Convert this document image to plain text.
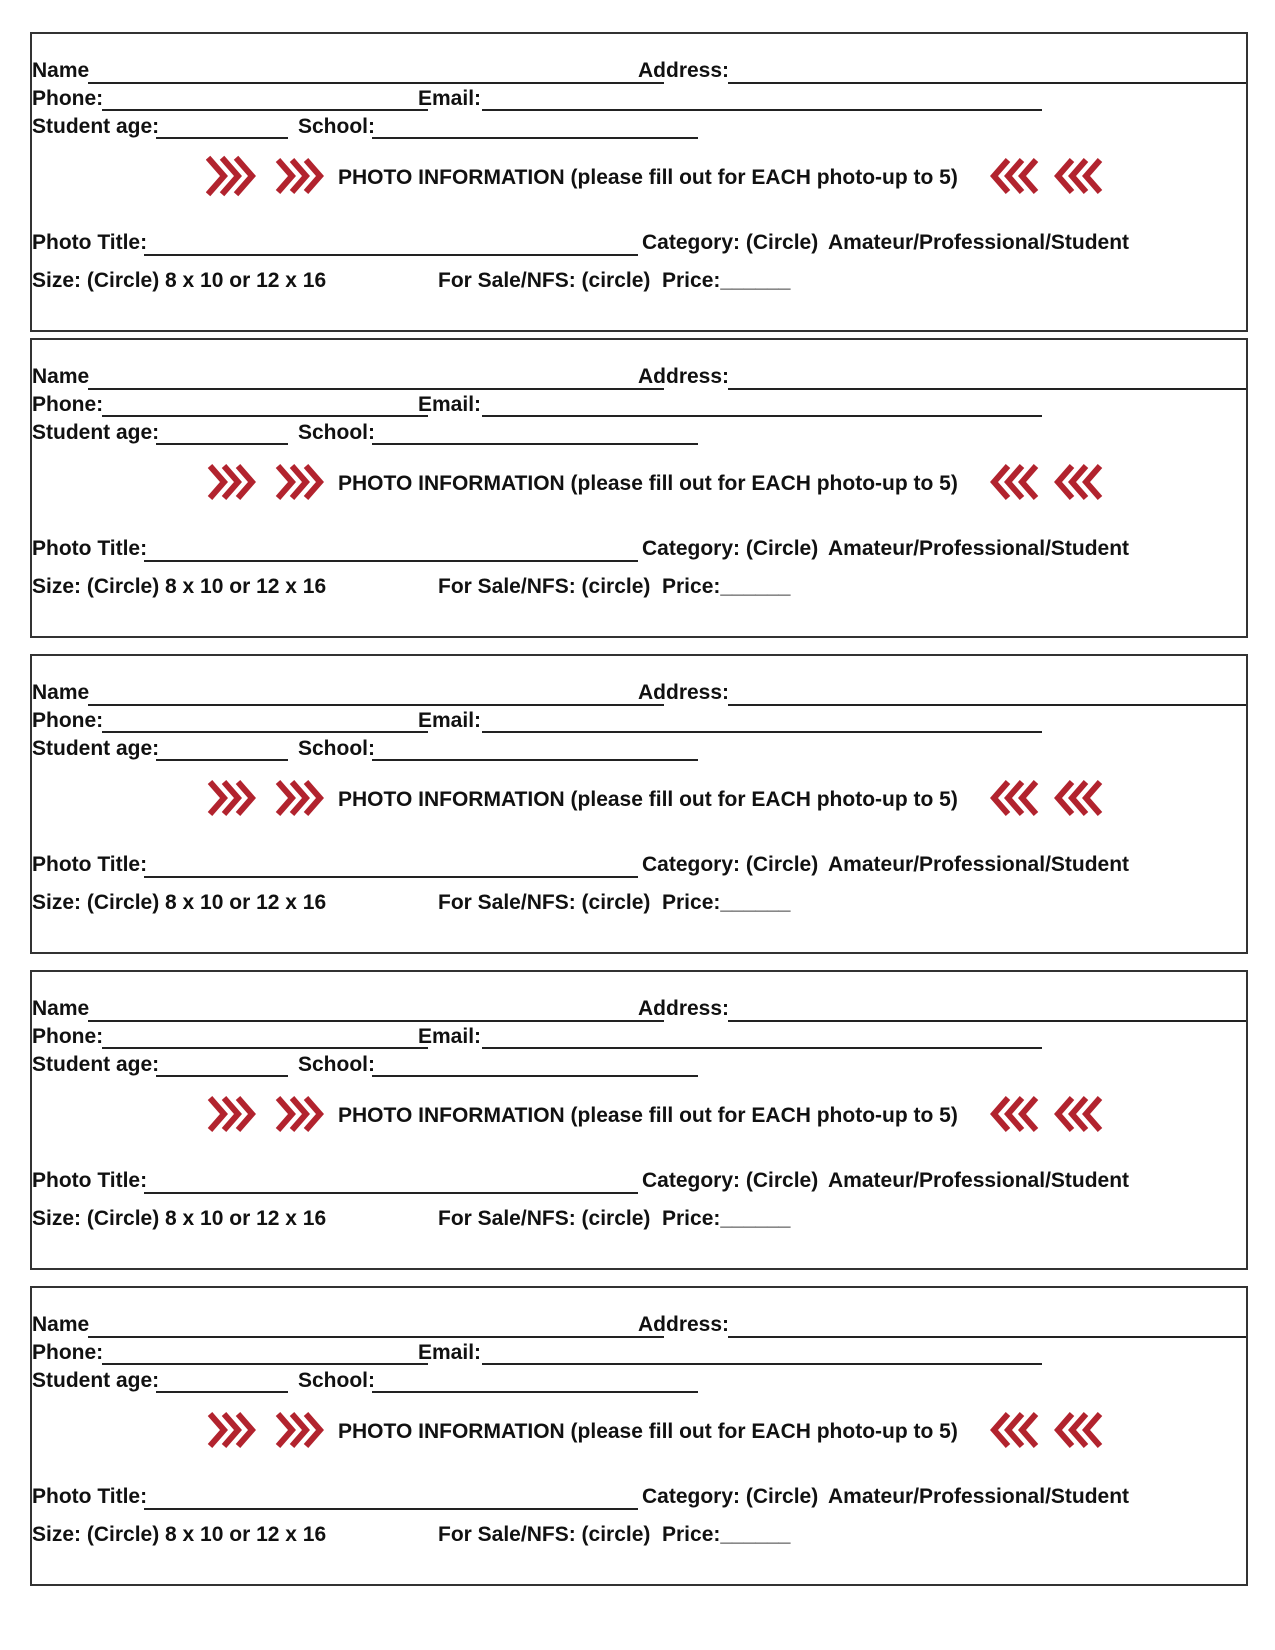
Name	Address:
Phone:	Email:
Student age:	School:
PHOTO INFORMATION (please fill out for EACH photo-up to 5)
Photo Title:	Category: (Circle) Amateur/Professional/Student
Size: (Circle) 8 x 10 or 12 x 16	For Sale/NFS: (circle) Price:______
Name	Address:
Phone:	Email:
Student age:	School:
PHOTO INFORMATION (please fill out for EACH photo-up to 5)
Photo Title:	Category: (Circle) Amateur/Professional/Student
Size: (Circle) 8 x 10 or 12 x 16	For Sale/NFS: (circle) Price:______
Name	Address:
Phone:	Email:
Student age:	School:
PHOTO INFORMATION (please fill out for EACH photo-up to 5)
Photo Title:	Category: (Circle) Amateur/Professional/Student
Size: (Circle) 8 x 10 or 12 x 16	For Sale/NFS: (circle) Price:______
Name	Address:
Phone:	Email:
Student age:	School:
PHOTO INFORMATION (please fill out for EACH photo-up to 5)
Photo Title:	Category: (Circle) Amateur/Professional/Student
Size: (Circle) 8 x 10 or 12 x 16	For Sale/NFS: (circle) Price:______
Name	Address:
Phone:	Email:
Student age:	School:
PHOTO INFORMATION (please fill out for EACH photo-up to 5)
Photo Title:	Category: (Circle) Amateur/Professional/Student
Size: (Circle) 8 x 10 or 12 x 16	For Sale/NFS: (circle) Price:______
